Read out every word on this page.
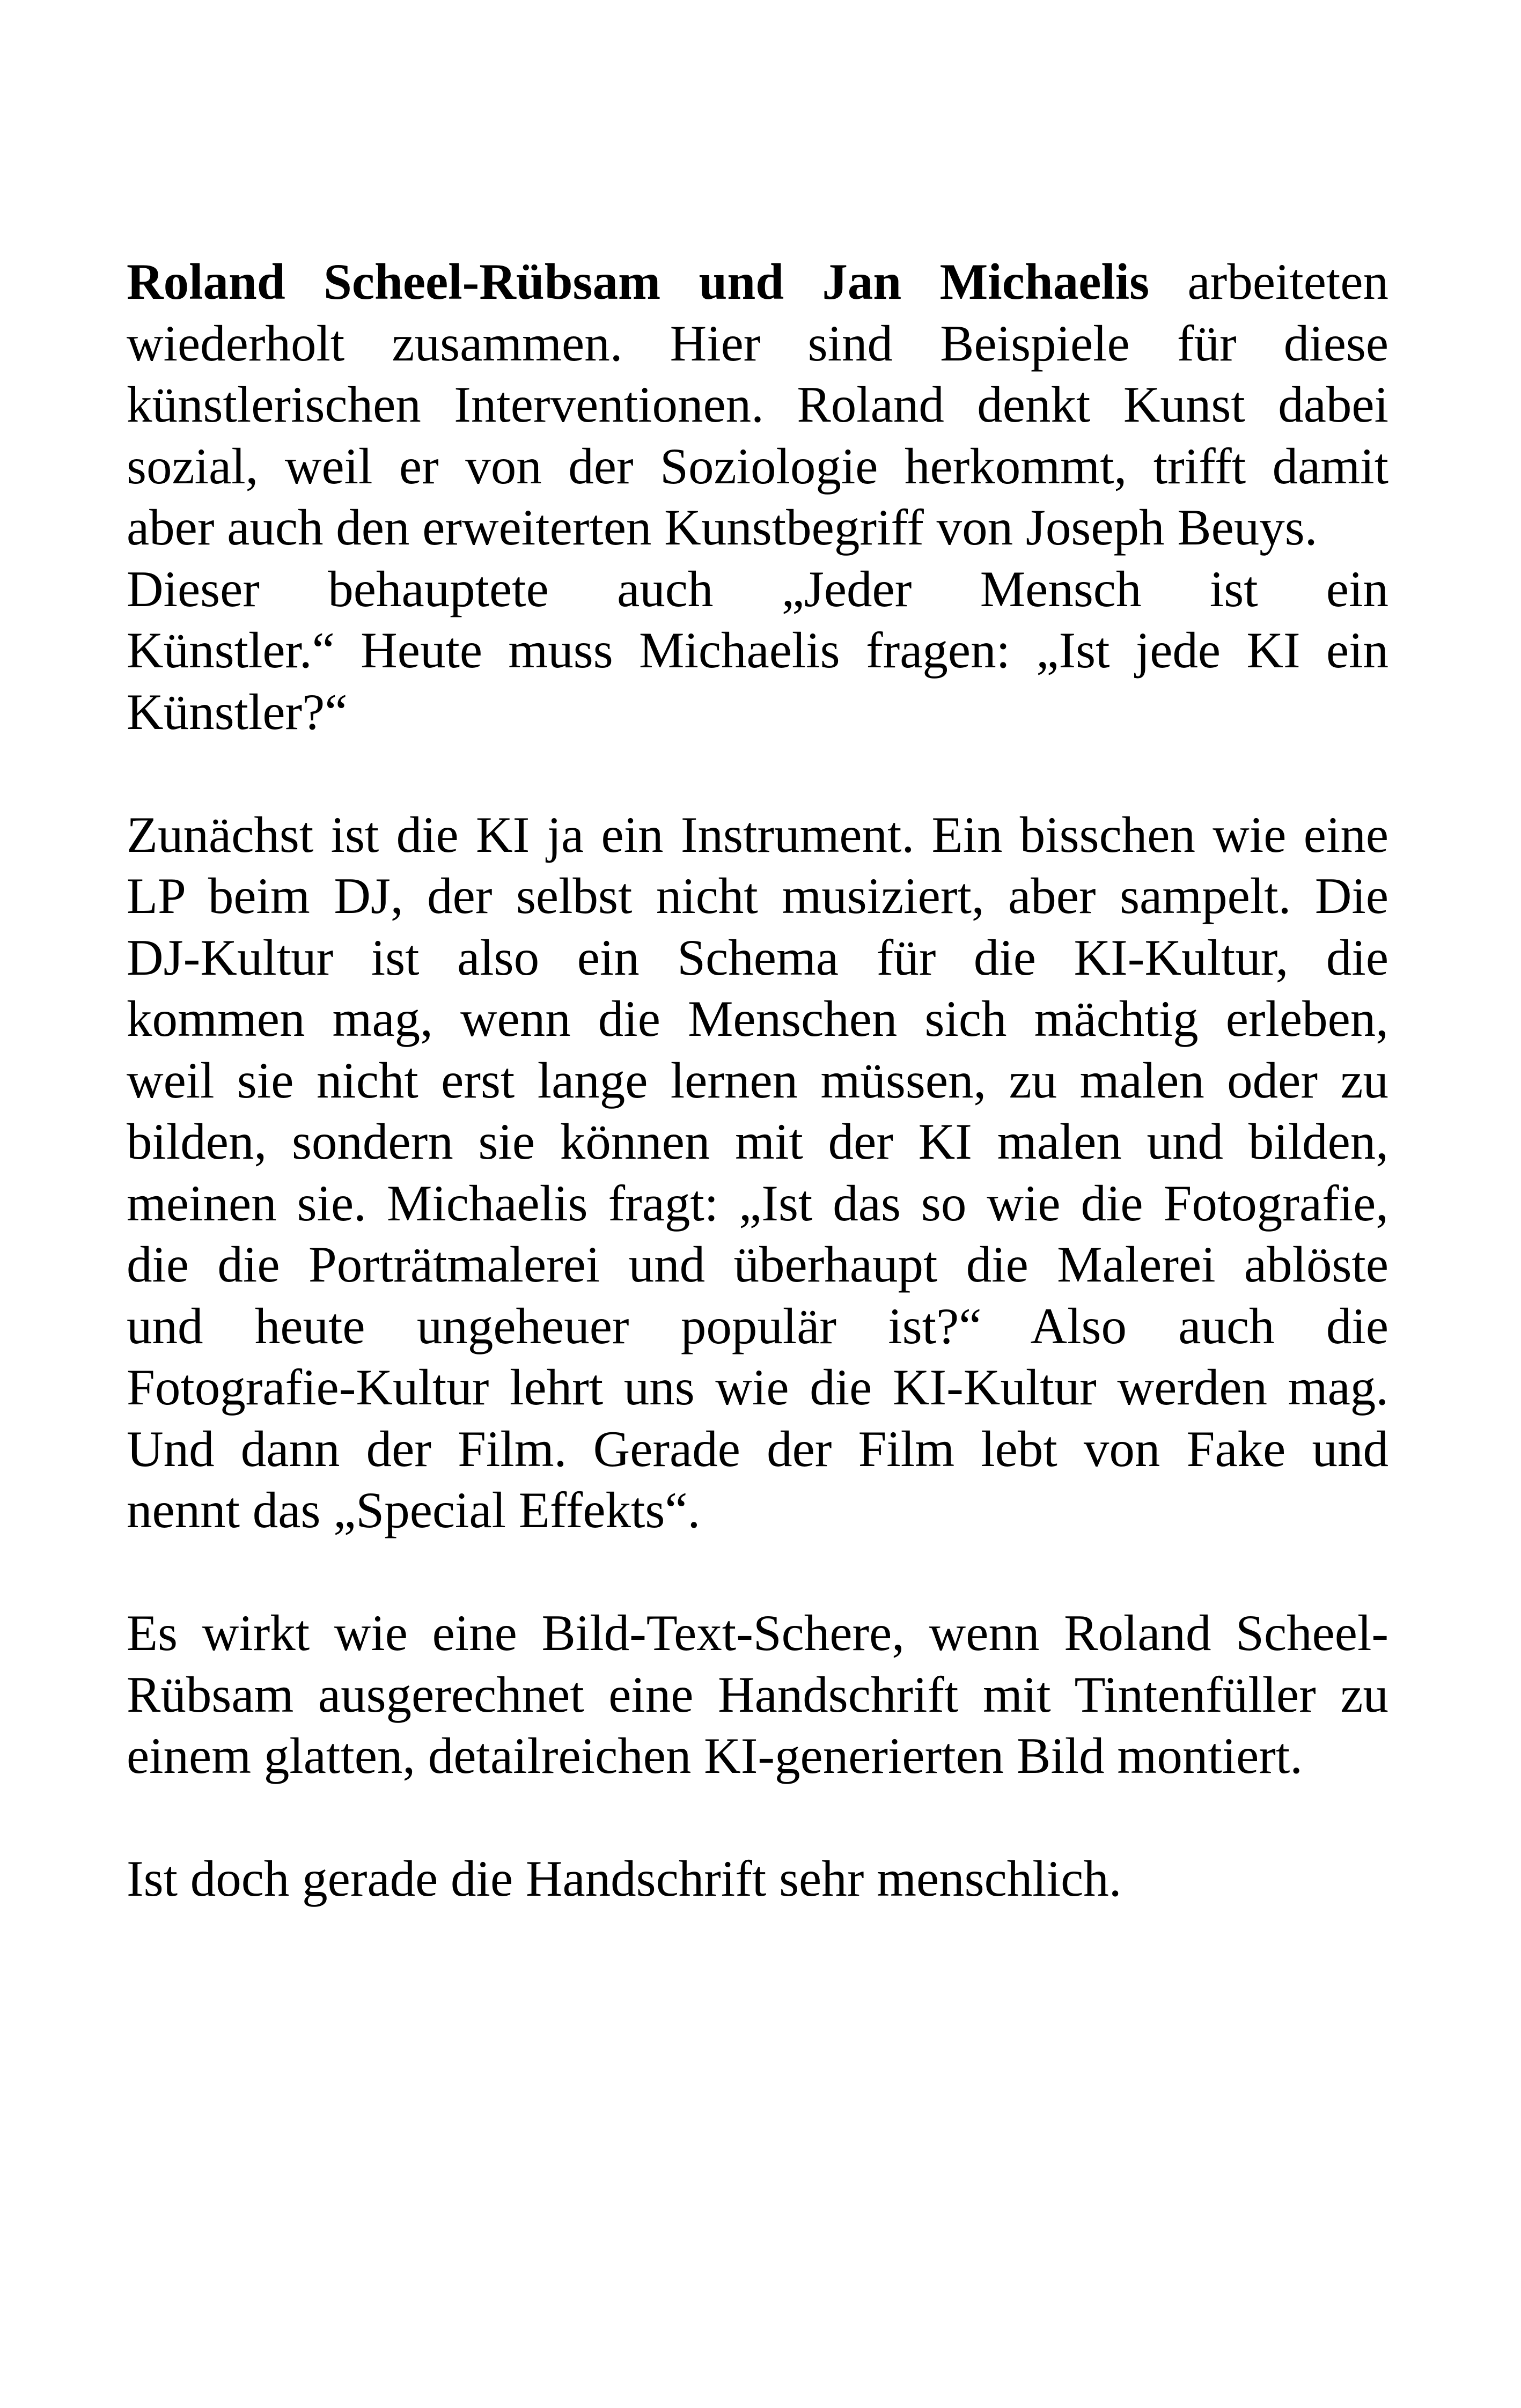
Roland Scheel-Rübsam und Jan Michaelis arbeiteten
wiederholt zusammen. Hier sind Beispiele für diese
künstlerischen Interventionen. Roland denkt Kunst dabei
sozial, weil er von der Soziologie herkommt, trifft damit
aber auch den erweiterten Kunstbegriff von Joseph Beuys.
Dieser behauptete auch „Jeder Mensch ist ein
Künstler.“ Heute muss Michaelis fragen: „Ist jede KI ein
Künstler?“

Zunächst ist die KI ja ein Instrument. Ein bisschen wie eine
LP beim DJ, der selbst nicht musiziert, aber sampelt. Die
DJ-Kultur ist also ein Schema für die KI-Kultur, die
kommen mag, wenn die Menschen sich mächtig erleben,
weil sie nicht erst lange lernen müssen, zu malen oder zu
bilden, sondern sie können mit der KI malen und bilden,
meinen sie. Michaelis fragt: „Ist das so wie die Fotografie,
die die Porträtmalerei und überhaupt die Malerei ablöste
und heute ungeheuer populär ist?“ Also auch die
Fotografie-Kultur lehrt uns wie die KI-Kultur werden mag.
Und dann der Film. Gerade der Film lebt von Fake und
nennt das „Special Effekts“.

Es wirkt wie eine Bild-Text-Schere, wenn Roland Scheel-
Rübsam ausgerechnet eine Handschrift mit Tintenfüller zu
einem glatten, detailreichen KI-generierten Bild montiert.

Ist doch gerade die Handschrift sehr menschlich.
